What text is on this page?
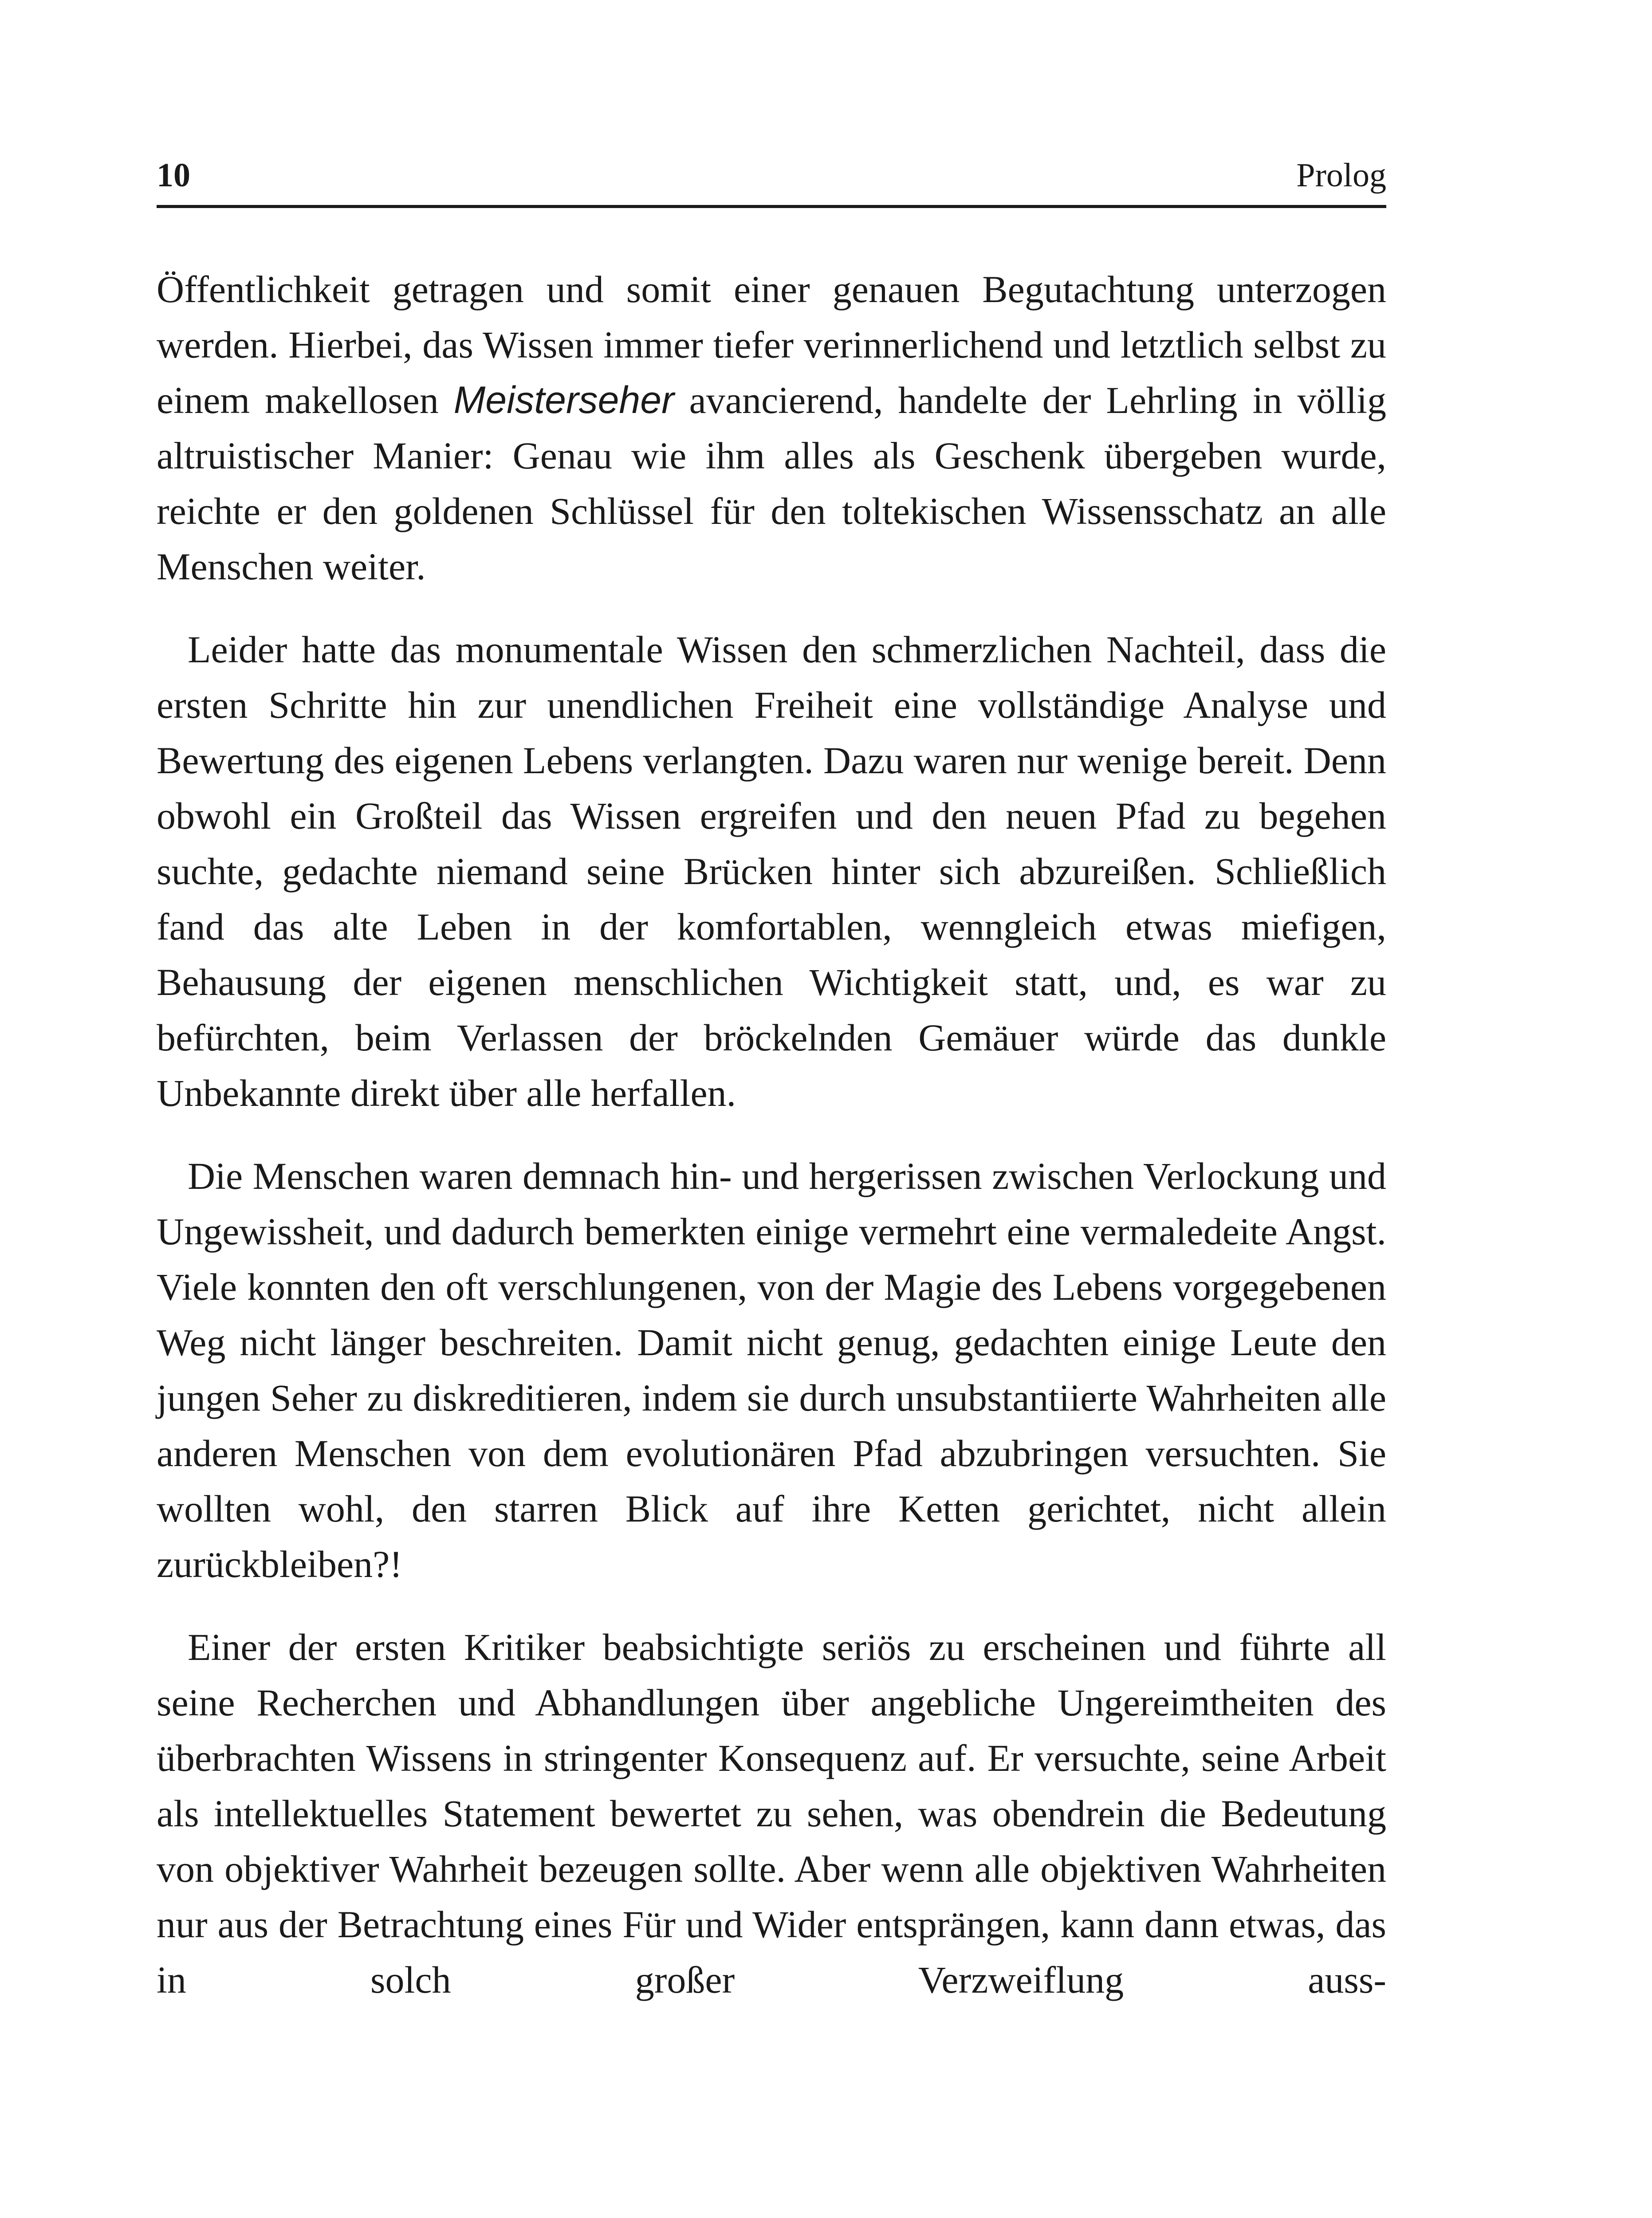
10	Prolog

Öffentlichkeit getragen und somit einer genauen Begutachtung unterzogen werden. Hierbei, das Wissen immer tiefer verinnerlichend und letztlich selbst zu einem makellosen Meisterseher avancierend, handelte der Lehrling in völlig altruistischer Manier: Genau wie ihm alles als Geschenk übergeben wurde, reichte er den goldenen Schlüssel für den toltekischen Wissensschatz an alle Menschen weiter.

Leider hatte das monumentale Wissen den schmerzlichen Nachteil, dass die ersten Schritte hin zur unendlichen Freiheit eine vollständige Analyse und Bewertung des eigenen Lebens verlangten. Dazu waren nur wenige bereit. Denn obwohl ein Großteil das Wissen ergreifen und den neuen Pfad zu begehen suchte, gedachte niemand seine Brücken hinter sich abzureißen. Schließlich fand das alte Leben in der komfortablen, wenngleich etwas miefigen, Behausung der eigenen menschlichen Wichtigkeit statt, und, es war zu befürchten, beim Verlassen der bröckelnden Gemäuer würde das dunkle Unbekannte direkt über alle herfallen.

Die Menschen waren demnach hin- und hergerissen zwischen Verlockung und Ungewissheit, und dadurch bemerkten einige vermehrt eine vermaledeite Angst. Viele konnten den oft verschlungenen, von der Magie des Lebens vorgegebenen Weg nicht länger beschreiten. Damit nicht genug, gedachten einige Leute den jungen Seher zu diskreditieren, indem sie durch unsubstantiierte Wahrheiten alle anderen Menschen von dem evolutionären Pfad abzubringen versuchten. Sie wollten wohl, den starren Blick auf ihre Ketten gerichtet, nicht allein zurückbleiben?!

Einer der ersten Kritiker beabsichtigte seriös zu erscheinen und führte all seine Recherchen und Abhandlungen über angebliche Ungereimtheiten des überbrachten Wissens in stringenter Konsequenz auf. Er versuchte, seine Arbeit als intellektuelles Statement bewertet zu sehen, was obendrein die Bedeutung von objektiver Wahrheit bezeugen sollte. Aber wenn alle objektiven Wahrheiten nur aus der Betrachtung eines Für und Wider entsprängen, kann dann etwas, das in solch großer Verzweiflung auss-
